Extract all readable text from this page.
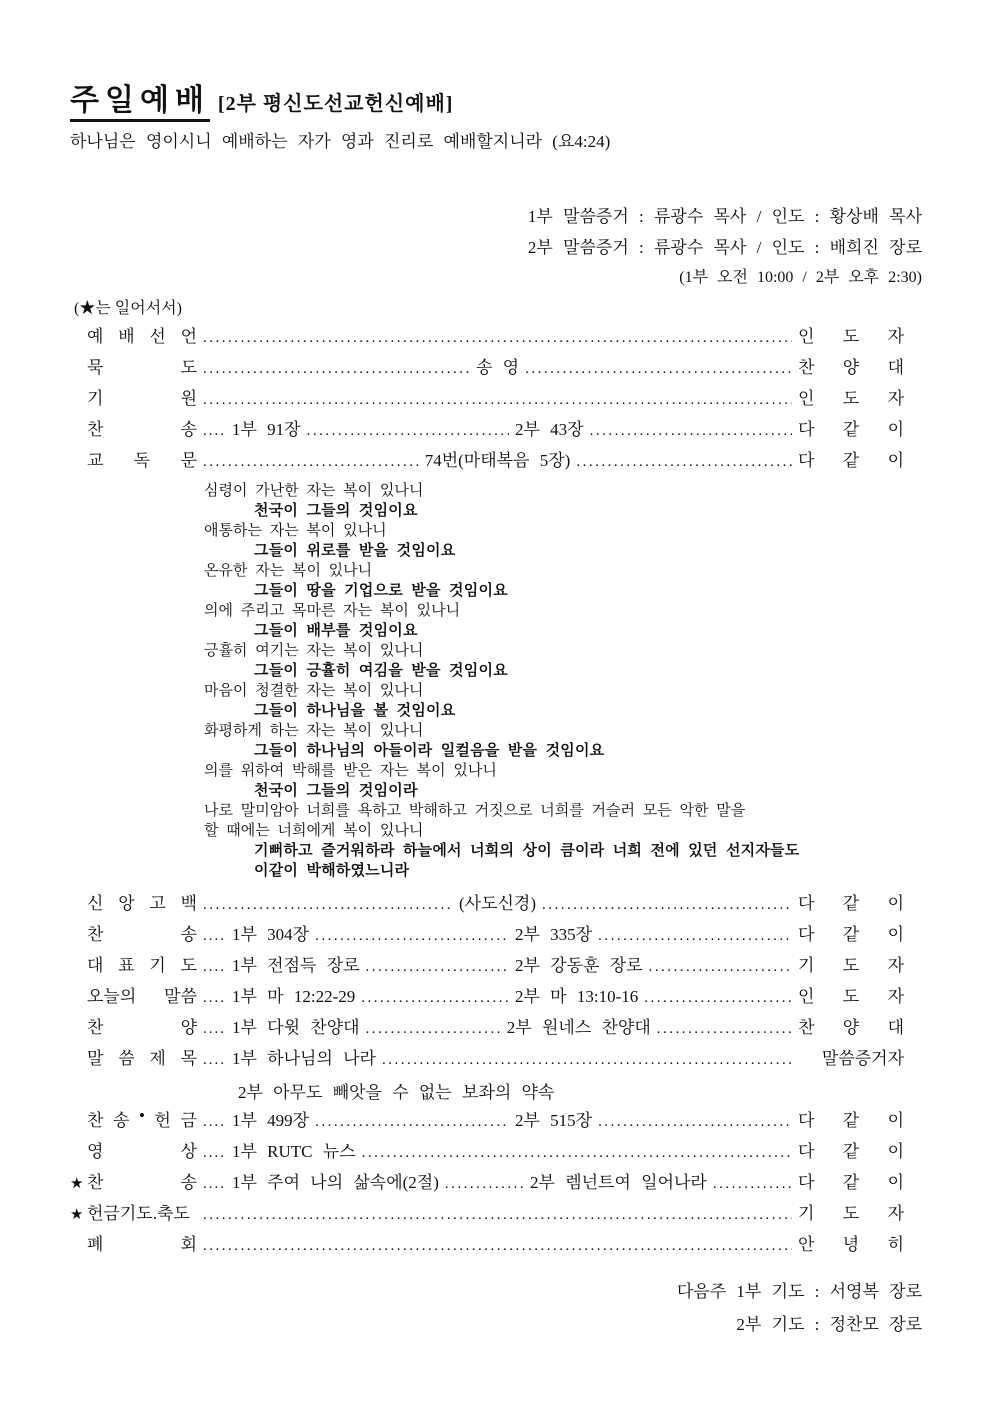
주일예배 [2부 평신도선교헌신예배]

하나님은 영이시니 예배하는 자가 영과 진리로 예배할지니라 (요4:24)

1부 말씀증거 : 류광수 목사 / 인도 : 황상배 목사
2부 말씀증거 : 류광수 목사 / 인도 : 배희진 장로
(1부 오전 10:00 / 2부 오후 2:30)
(★는 일어서서)
예 배 선 언 .....	인 도 자
묵	도 .....	송 영 .....	찬 양 대
기	원 .....	인 도 자
찬	송 .... 1부 91장 .....	2부 43장 .....	다 같 이
교 독 문 .....	74번(마태복음 5장) .....	다 같 이
심령이 가난한 자는 복이 있나니
천국이 그들의 것임이요
애통하는 자는 복이 있나니
그들이 위로를 받을 것임이요
온유한 자는 복이 있나니
그들이 땅을 기업으로 받을 것임이요
의에 주리고 목마른 자는 복이 있나니
그들이 배부를 것임이요
긍휼히 여기는 자는 복이 있나니
그들이 긍휼히 여김을 받을 것임이요
마음이 청결한 자는 복이 있나니
그들이 하나님을 볼 것임이요
화평하게 하는 자는 복이 있나니
그들이 하나님의 아들이라 일컬음을 받을 것임이요
의를 위하여 박해를 받은 자는 복이 있나니
천국이 그들의 것임이라
나로 말미암아 너희를 욕하고 박해하고 거짓으로 너희를 거슬러 모든 악한 말을
할 때에는 너희에게 복이 있나니
기뻐하고 즐거워하라 하늘에서 너희의 상이 큼이라 너희 전에 있던 선지자들도
이같이 박해하였느니라
신 앙 고 백 .....	(사도신경) .....	다 같 이
찬	송 .... 1부 304장 .....	2부 335장 .....	다 같 이
대 표 기 도 .... 1부 전점득 장로 .....	2부 강동훈 장로 .....	기 도 자
오늘의 말씀 .... 1부 마 12:22-29 .....	2부 마 13:10-16 .....	인 도 자
찬	양 .... 1부 다윗 찬양대 .....	2부 원네스 찬양대 .....	찬 양 대
말 씀 제 목 .... 1부 하나님의 나라 .....	말씀증거자
2부 아무도 빼앗을 수 없는 보좌의 약속
찬 송 • 헌 금 .... 1부 499장 .....	2부 515장 .....	다 같 이
영	상 .... 1부 RUTC 뉴스 .....	다 같 이
★ 찬	송 .... 1부 주여 나의 삶속에(2절) .....	2부 렘넌트여 일어나라 .....	다 같 이
★ 헌금기도.축도 .....	기 도 자
폐	회 .....	안 녕 히
다음주 1부 기도 : 서영복 장로
2부 기도 : 정찬모 장로
